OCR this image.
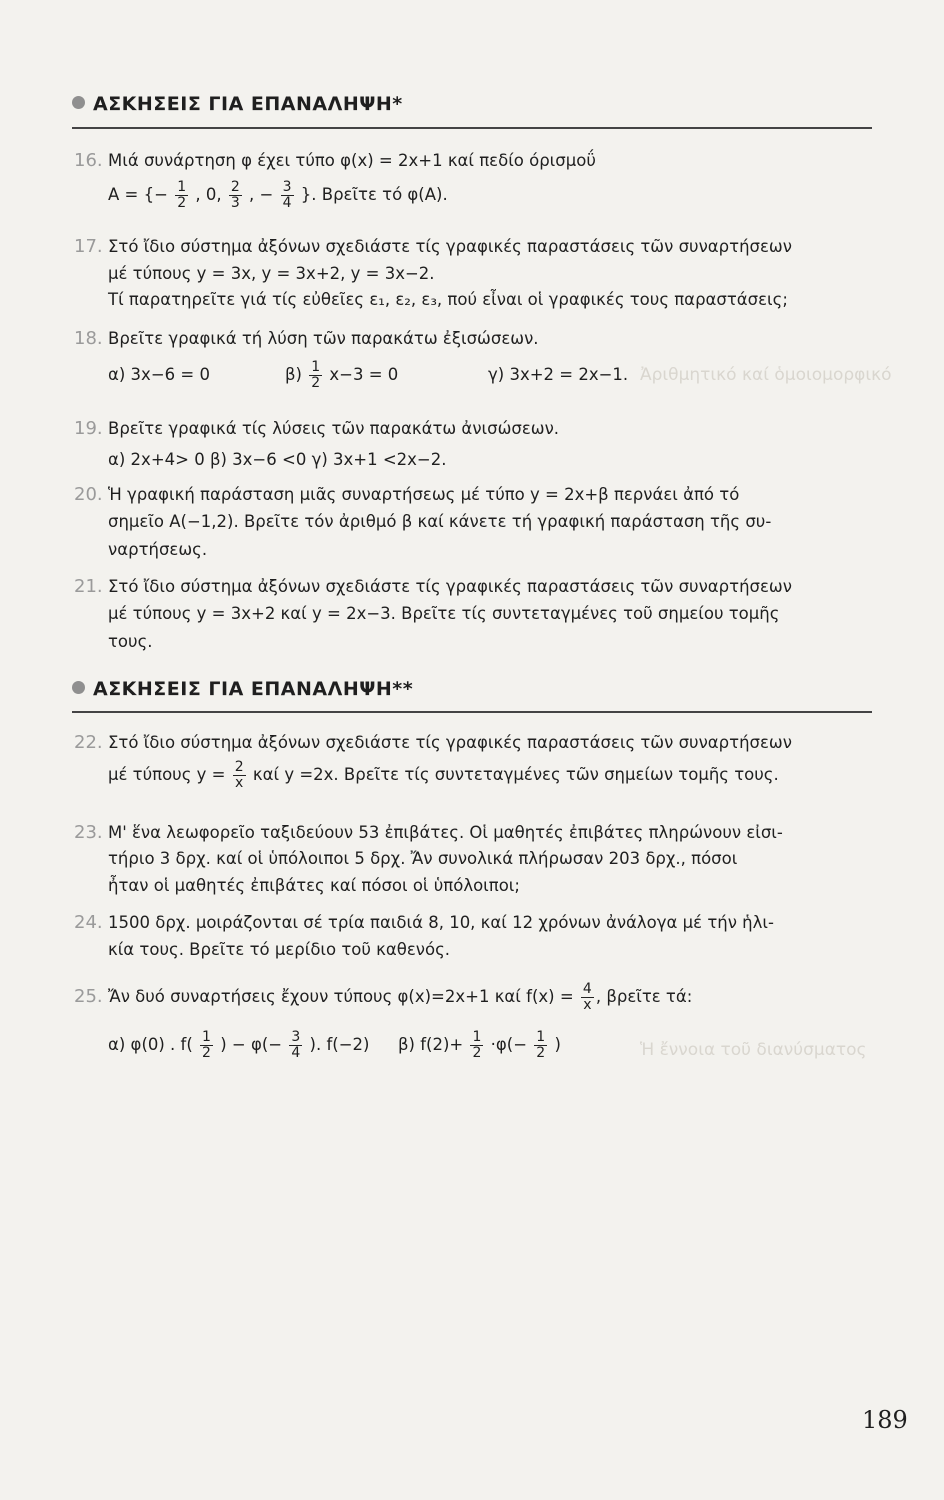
Ἀριθμητικό καί ὁμοιομορφικό
Ἡ ἔννοια τοῦ διανύσματος
ΑΣΚΗΣΕΙΣ ΓΙΑ ΕΠΑΝΑΛΗΨΗ*
16. Μιά συνάρτηση φ έχει τύπο φ(x) = 2x+1 καί πεδίο όρισμοΰ
Α = {− $\frac{1}{2}$ , 0, $\frac{2}{3}$ , − $\frac{3}{4}$ }. Βρεῖτε τό φ(Α).
17. Στό ἴδιο σύστημα ἀξόνων σχεδιάστε τίς γραφικές παραστάσεις τῶν συναρτήσεων
μέ τύπους y = 3x, y = 3x+2, y = 3x−2.
Τί παρατηρεῖτε γιά τίς εὐθεῖες ε₁, ε₂, ε₃, πού εἶναι οἱ γραφικές τους παραστάσεις;
18. Βρεῖτε γραφικά τή λύση τῶν παρακάτω ἐξισώσεων.
α) 3x−6 = 0	$\beta) \frac{1}{2} x-3 = 0$	γ) 3x+2 = 2x−1.
19. Βρεῖτε γραφικά τίς λύσεις τῶν παρακάτω ἀνισώσεων.
α) 2x+4> 0 β) 3x−6 <0 γ) 3x+1 <2x−2.
20. Ἡ γραφική παράσταση μιᾶς συναρτήσεως μέ τύπο y = 2x+β περνάει ἀπό τό
σημεῖο Α(−1,2). Βρεῖτε τόν ἀριθμό β καί κάνετε τή γραφική παράσταση τῆς συ-
ναρτήσεως.
21. Στό ἴδιο σύστημα ἀξόνων σχεδιάστε τίς γραφικές παραστάσεις τῶν συναρτήσεων
μέ τύπους y = 3x+2 καί y = 2x−3. Βρεῖτε τίς συντεταγμένες τοῦ σημείου τομῆς
τους.
ΑΣΚΗΣΕΙΣ ΓΙΑ ΕΠΑΝΑΛΗΨΗ**
22. Στό ἴδιο σύστημα ἀξόνων σχεδιάστε τίς γραφικές παραστάσεις τῶν συναρτήσεων
μέ τύπους $y = \frac{2}{x}$ καί y =2x. Βρεῖτε τίς συντεταγμένες τῶν σημείων τομῆς τους.
23. Μ' ἕνα λεωφορεῖο ταξιδεύουν 53 ἐπιβάτες. Οἱ μαθητές ἐπιβάτες πληρώνουν εἰσι-
τήριο 3 δρχ. καί οἱ ὑπόλοιποι 5 δρχ. Ἄν συνολικά πλήρωσαν 203 δρχ., πόσοι
ἦταν οἱ μαθητές ἐπιβάτες καί πόσοι οἱ ὑπόλοιποι;
24. 1500 δρχ. μοιράζονται σέ τρία παιδιά 8, 10, καί 12 χρόνων ἀνάλογα μέ τήν ἡλι-
κία τους. Βρεῖτε τό μερίδιο τοῦ καθενός.
25. Ἄν δυό συναρτήσεις ἔχουν τύπους φ(x)=2x+1 καί $f(x) = \frac{4}{x}$ , βρεῖτε τά:
α) φ(0) . $f( \frac{1}{2}$ ) − $\varphi(- \frac{3}{4}$ ). f(−2) β) $f(2)+ \frac{1}{2} \cdot\varphi(- \frac{1}{2}$ )
189
